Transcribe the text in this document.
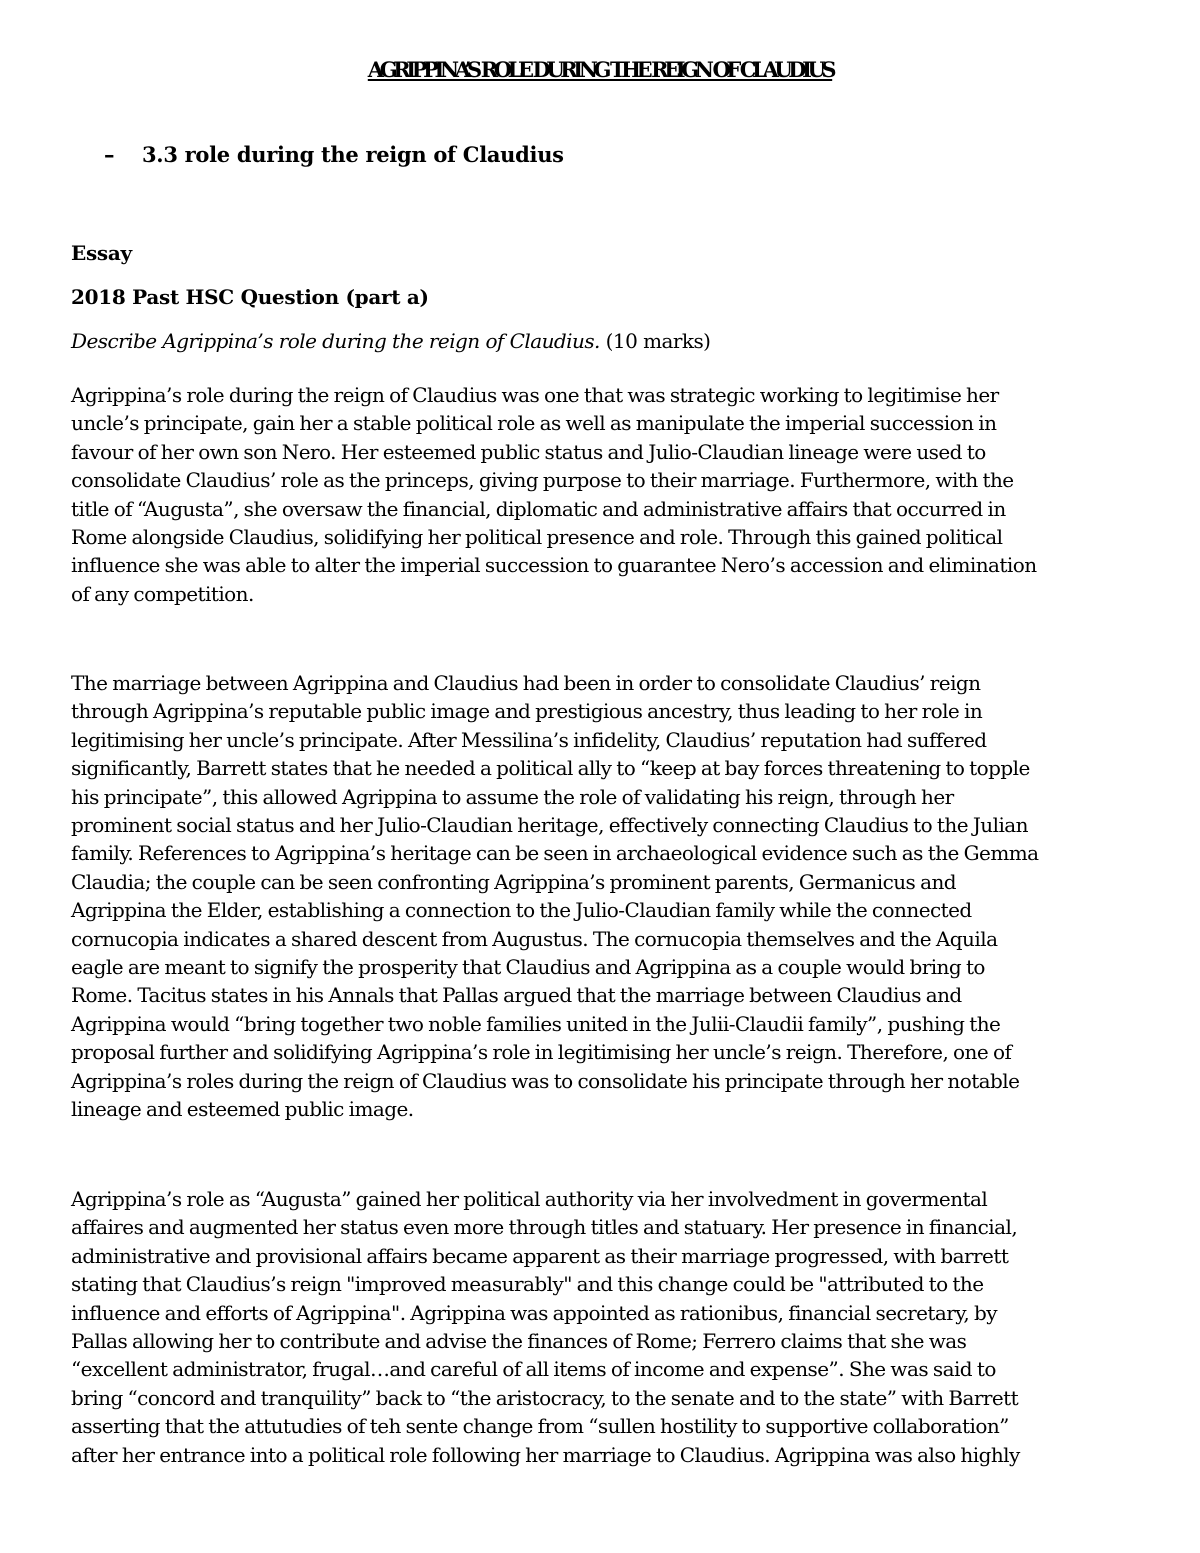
AGRIPPINA’S ROLE DURING THE REIGN OF CLAUDIUS
– 3.3 role during the reign of Claudius
Essay
2018 Past HSC Question (part a)
Describe Agrippina’s role during the reign of Claudius. (10 marks)
Agrippina’s role during the reign of Claudius was one that was strategic working to legitimise her
uncle’s principate, gain her a stable political role as well as manipulate the imperial succession in
favour of her own son Nero. Her esteemed public status and Julio-Claudian lineage were used to
consolidate Claudius’ role as the princeps, giving purpose to their marriage. Furthermore, with the
title of “Augusta”, she oversaw the financial, diplomatic and administrative affairs that occurred in
Rome alongside Claudius, solidifying her political presence and role. Through this gained political
influence she was able to alter the imperial succession to guarantee Nero’s accession and elimination
of any competition.
The marriage between Agrippina and Claudius had been in order to consolidate Claudius’ reign
through Agrippina’s reputable public image and prestigious ancestry, thus leading to her role in
legitimising her uncle’s principate. After Messilina’s infidelity, Claudius’ reputation had suffered
significantly, Barrett states that he needed a political ally to “keep at bay forces threatening to topple
his principate”, this allowed Agrippina to assume the role of validating his reign, through her
prominent social status and her Julio-Claudian heritage, effectively connecting Claudius to the Julian
family. References to Agrippina’s heritage can be seen in archaeological evidence such as the Gemma
Claudia; the couple can be seen confronting Agrippina’s prominent parents, Germanicus and
Agrippina the Elder, establishing a connection to the Julio-Claudian family while the connected
cornucopia indicates a shared descent from Augustus. The cornucopia themselves and the Aquila
eagle are meant to signify the prosperity that Claudius and Agrippina as a couple would bring to
Rome. Tacitus states in his Annals that Pallas argued that the marriage between Claudius and
Agrippina would “bring together two noble families united in the Julii-Claudii family”, pushing the
proposal further and solidifying Agrippina’s role in legitimising her uncle’s reign. Therefore, one of
Agrippina’s roles during the reign of Claudius was to consolidate his principate through her notable
lineage and esteemed public image.
Agrippina’s role as “Augusta” gained her political authority via her involvedment in govermental
affaires and augmented her status even more through titles and statuary. Her presence in financial,
administrative and provisional affairs became apparent as their marriage progressed, with barrett
stating that Claudius’s reign "improved measurably" and this change could be "attributed to the
influence and efforts of Agrippina". Agrippina was appointed as rationibus, financial secretary, by
Pallas allowing her to contribute and advise the finances of Rome; Ferrero claims that she was
“excellent administrator, frugal…and careful of all items of income and expense”. She was said to
bring “concord and tranquility” back to “the aristocracy, to the senate and to the state” with Barrett
asserting that the attutudies of teh sente change from “sullen hostility to supportive collaboration”
after her entrance into a political role following her marriage to Claudius. Agrippina was also highly
